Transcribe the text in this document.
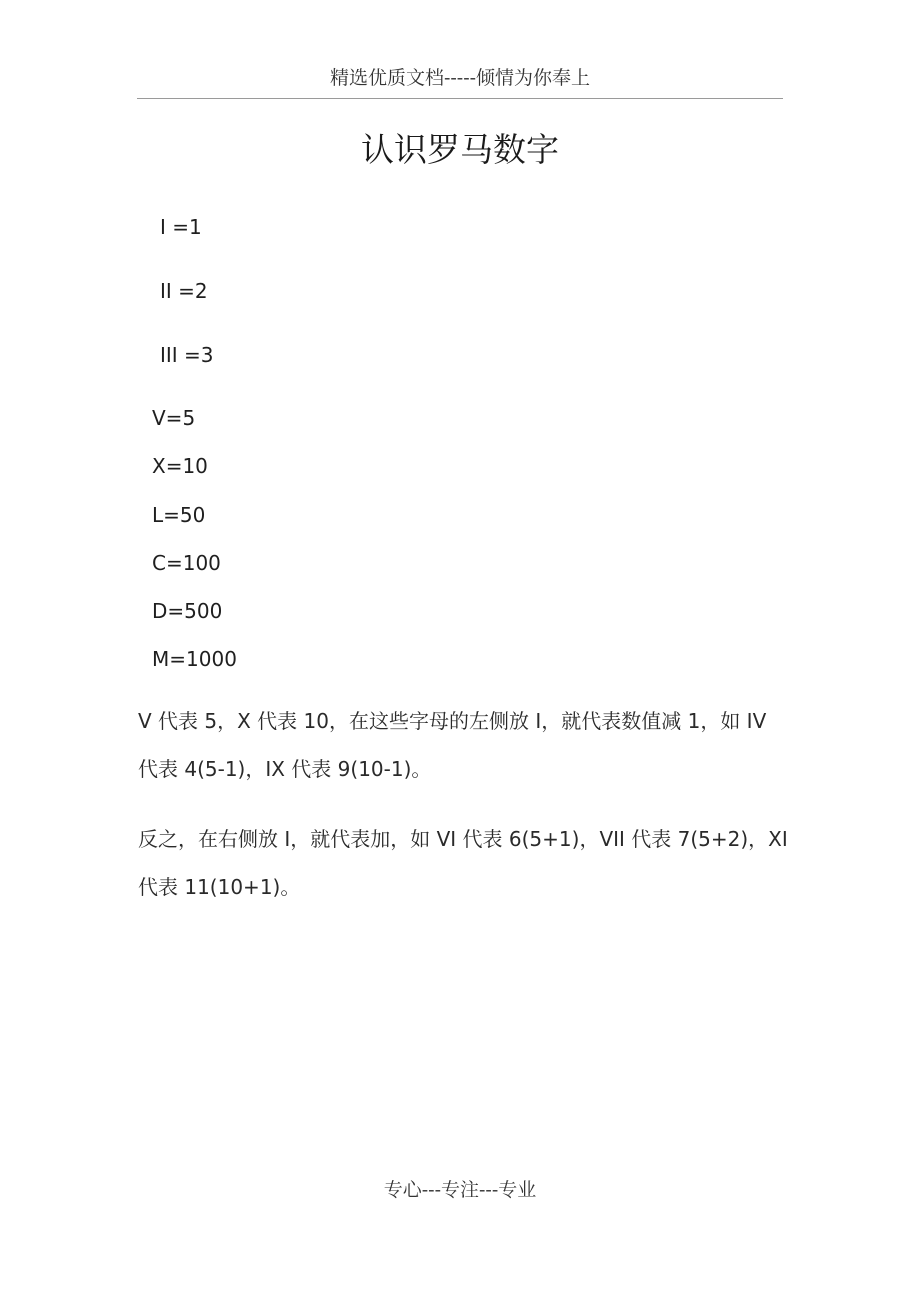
精选优质文档-----倾情为你奉上
认识罗马数字
I =1
II =2
III =3
V=5
X=10
L=50
C=100
D=500
M=1000

V 代表 5，X 代表 10，在这些字母的左侧放 I，就代表数值减 1，如 IV 代表 4(5-1)，IX 代表 9(10-1)。

反之，在右侧放 I，就代表加，如 VI 代表 6(5+1)，VII 代表 7(5+2)，XI 代表 11(10+1)。

专心---专注---专业
